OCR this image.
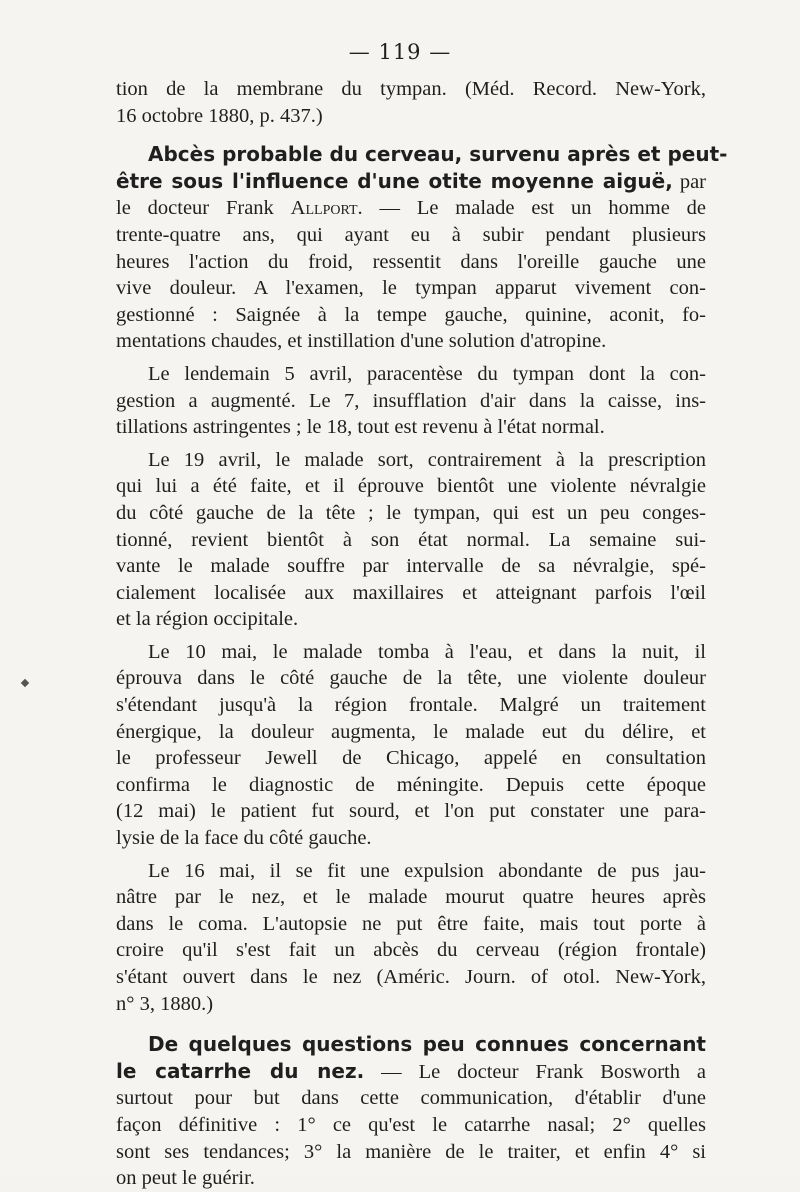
— 119 —
tion de la membrane du tympan. (Méd. Record. New-York,
16 octobre 1880, p. 437.)
Abcès probable du cerveau, survenu après et peut-
être sous l'influence d'une otite moyenne aiguë, par
le docteur Frank Allport. — Le malade est un homme de
trente-quatre ans, qui ayant eu à subir pendant plusieurs
heures l'action du froid, ressentit dans l'oreille gauche une
vive douleur. A l'examen, le tympan apparut vivement con-
gestionné : Saignée à la tempe gauche, quinine, aconit, fo-
mentations chaudes, et instillation d'une solution d'atropine.
Le lendemain 5 avril, paracentèse du tympan dont la con-
gestion a augmenté. Le 7, insufflation d'air dans la caisse, ins-
tillations astringentes ; le 18, tout est revenu à l'état normal.
Le 19 avril, le malade sort, contrairement à la prescription
qui lui a été faite, et il éprouve bientôt une violente névralgie
du côté gauche de la tête ; le tympan, qui est un peu conges-
tionné, revient bientôt à son état normal. La semaine sui-
vante le malade souffre par intervalle de sa névralgie, spé-
cialement localisée aux maxillaires et atteignant parfois l'œil
et la région occipitale.
Le 10 mai, le malade tomba à l'eau, et dans la nuit, il
éprouva dans le côté gauche de la tête, une violente douleur
s'étendant jusqu'à la région frontale. Malgré un traitement
énergique, la douleur augmenta, le malade eut du délire, et
le professeur Jewell de Chicago, appelé en consultation
confirma le diagnostic de méningite. Depuis cette époque
(12 mai) le patient fut sourd, et l'on put constater une para-
lysie de la face du côté gauche.
Le 16 mai, il se fit une expulsion abondante de pus jau-
nâtre par le nez, et le malade mourut quatre heures après
dans le coma. L'autopsie ne put être faite, mais tout porte à
croire qu'il s'est fait un abcès du cerveau (région frontale)
s'étant ouvert dans le nez (Améric. Journ. of otol. New-York,
n° 3, 1880.)
De quelques questions peu connues concernant
le catarrhe du nez. — Le docteur Frank Bosworth a
surtout pour but dans cette communication, d'établir d'une
façon définitive : 1° ce qu'est le catarrhe nasal; 2° quelles
sont ses tendances; 3° la manière de le traiter, et enfin 4° si
on peut le guérir.
